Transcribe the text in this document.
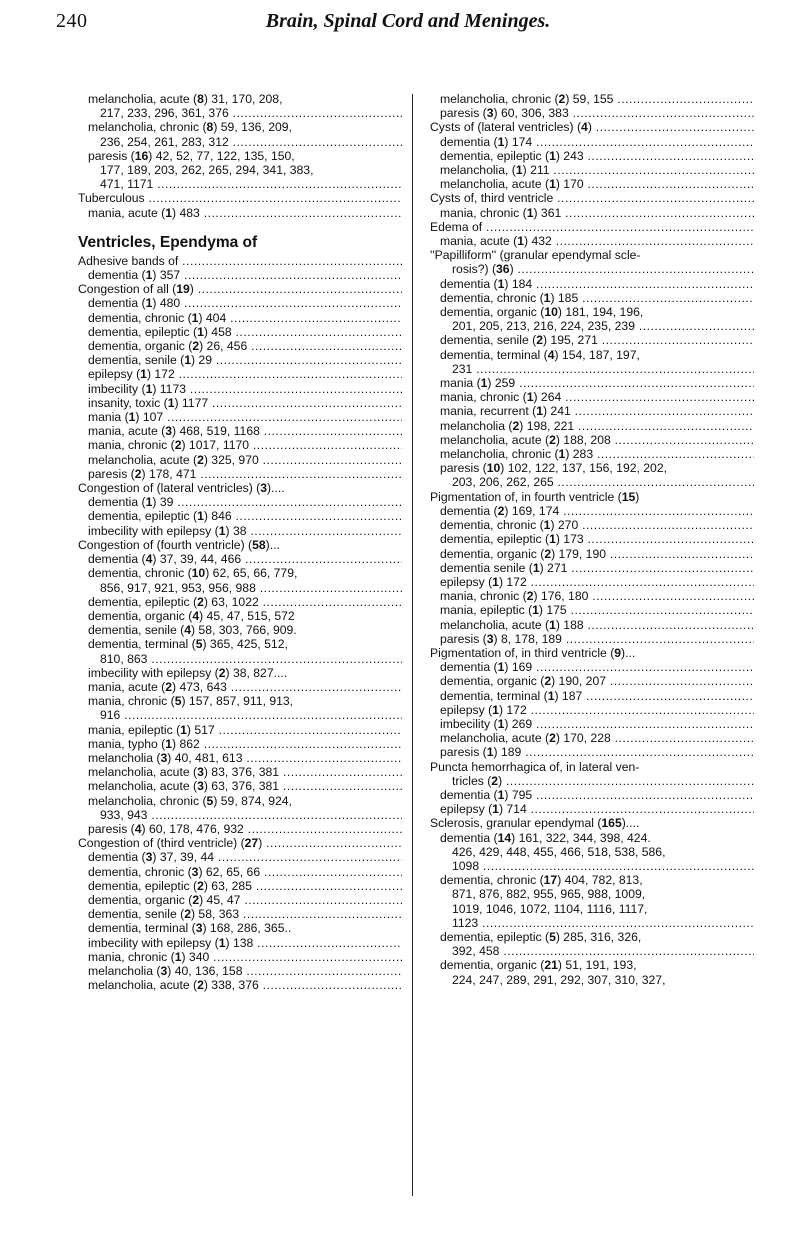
240	Brain, Spinal Cord and Meninges.
melancholia, acute (8) 31, 170, 208,
217, 233, 296, 361, 376 .....
melancholia, chronic (8) 59, 136, 209,
236, 254, 261, 283, 312 .....
paresis (16) 42, 52, 77, 122, 135, 150,
177, 189, 203, 262, 265, 294, 341, 383,
471, 1171 .....
Tuberculous .....
mania, acute (1) 483 .....
Ventricles, Ependyma of
Adhesive bands of .....
dementia (1) 357 .....
Congestion of all (19) .....
dementia (1) 480 .....
dementia, chronic (1) 404 .....
dementia, epileptic (1) 458 .....
dementia, organic (2) 26, 456 .....
dementia, senile (1) 29 .....
epilepsy (1) 172 .....
imbecility (1) 1173 .....
insanity, toxic (1) 1177 .....
mania (1) 107 .....
mania, acute (3) 468, 519, 1168 .....
mania, chronic (2) 1017, 1170 .....
melancholia, acute (2) 325, 970 .....
paresis (2) 178, 471 .....
Congestion of (lateral ventricles) (3)....
dementia (1) 39 .....
dementia, epileptic (1) 846 .....
imbecility with epilepsy (1) 38 .....
Congestion of (fourth ventricle) (58)...
dementia (4) 37, 39, 44, 466 .....
dementia, chronic (10) 62, 65, 66, 779,
856, 917, 921, 953, 956, 988 .....
dementia, epileptic (2) 63, 1022 .....
dementia, organic (4) 45, 47, 515, 572
dementia, senile (4) 58, 303, 766, 909.
dementia, terminal (5) 365, 425, 512,
810, 863 .....
imbecility with epilepsy (2) 38, 827....
mania, acute (2) 473, 643 .....
mania, chronic (5) 157, 857, 911, 913,
916 .....
mania, epileptic (1) 517 .....
mania, typho (1) 862 .....
melancholia (3) 40, 481, 613 .....
melancholia, acute (3) 83, 376, 381 .....
melancholia, acute (3) 63, 376, 381 .....
melancholia, chronic (5) 59, 874, 924,
933, 943 .....
paresis (4) 60, 178, 476, 932 .....
Congestion of (third ventricle) (27) .....
dementia (3) 37, 39, 44 .....
dementia, chronic (3) 62, 65, 66 .....
dementia, epileptic (2) 63, 285 .....
dementia, organic (2) 45, 47 .....
dementia, senile (2) 58, 363 .....
dementia, terminal (3) 168, 286, 365..
imbecility with epilepsy (1) 138 .....
mania, chronic (1) 340 .....
melancholia (3) 40, 136, 158 .....
melancholia, acute (2) 338, 376 .....
melancholia, chronic (2) 59, 155 .....
paresis (3) 60, 306, 383 .....
Cysts of (lateral ventricles) (4) .....
dementia (1) 174 .....
dementia, epileptic (1) 243 .....
melancholia, (1) 211 .....
melancholia, acute (1) 170 .....
Cysts of, third ventricle .....
mania, chronic (1) 361 .....
Edema of .....
mania, acute (1) 432 .....
''Papilliform'' (granular ependymal scle-
rosis?) (36) .....
dementia (1) 184 .....
dementia, chronic (1) 185 .....
dementia, organic (10) 181, 194, 196,
201, 205, 213, 216, 224, 235, 239 .....
dementia, senile (2) 195, 271 .....
dementia, terminal (4) 154, 187, 197,
231 .....
mania (1) 259 .....
mania, chronic (1) 264 .....
mania, recurrent (1) 241 .....
melancholia (2) 198, 221 .....
melancholia, acute (2) 188, 208 .....
melancholia, chronic (1) 283 .....
paresis (10) 102, 122, 137, 156, 192, 202,
203, 206, 262, 265 .....
Pigmentation of, in fourth ventricle (15)
dementia (2) 169, 174 .....
dementia, chronic (1) 270 .....
dementia, epileptic (1) 173 .....
dementia, organic (2) 179, 190 .....
dementia senile (1) 271 .....
epilepsy (1) 172 .....
mania, chronic (2) 176, 180 .....
mania, epileptic (1) 175 .....
melancholia, acute (1) 188 .....
paresis (3) 8, 178, 189 .....
Pigmentation of, in third ventricle (9)...
dementia (1) 169 .....
dementia, organic (2) 190, 207 .....
dementia, terminal (1) 187 .....
epilepsy (1) 172 .....
imbecility (1) 269 .....
melancholia, acute (2) 170, 228 .....
paresis (1) 189 .....
Puncta hemorrhagica of, in lateral ven-
tricles (2) .....
dementia (1) 795 .....
epilepsy (1) 714 .....
Sclerosis, granular ependymal (165)....
dementia (14) 161, 322, 344, 398, 424.
426, 429, 448, 455, 466, 518, 538, 586,
1098 .....
dementia, chronic (17) 404, 782, 813,
871, 876, 882, 955, 965, 988, 1009,
1019, 1046, 1072, 1104, 1116, 1117,
1123 .....
dementia, epileptic (5) 285, 316, 326,
392, 458 .....
dementia, organic (21) 51, 191, 193,
224, 247, 289, 291, 292, 307, 310, 327,
